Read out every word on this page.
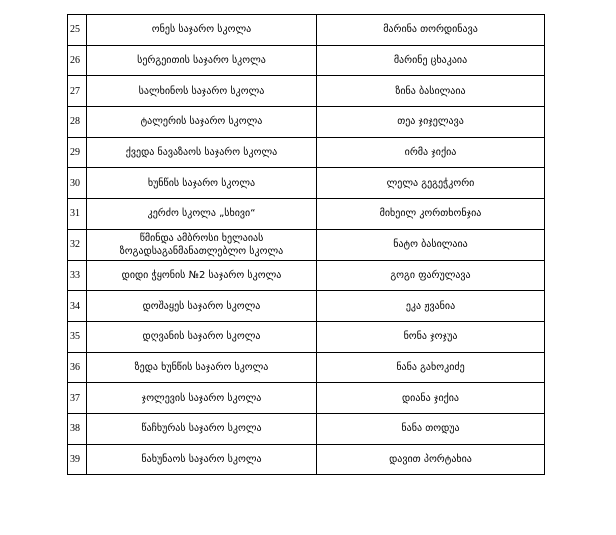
25	ონეს საჯარო სკოლა	მარინა თორდინავა
26	სერგეითის საჯარო სკოლა	მარინე ცხაკაია
27	სალხინოს საჯარო სკოლა	ზინა ბასილაია
28	ტალერის საჯარო სკოლა	თეა ჯიჯელავა
29	ქვედა ნავაზაოს საჯარო სკოლა	ირმა ჯიქია
30	ხუნწის საჯარო სკოლა	ლელა გეგეჭკორი
31	კერძო სკოლა „სხივი“	მიხეილ კორთხონჯია
32	წმინდა ამბროსი ხელაიას ზოგადსაგანმანათლებლო სკოლა	ნატო ბასილაია
33	დიდი ჭყონის №2 საჯარო სკოლა	გოგი ფარულავა
34	დოშაყეს საჯარო სკოლა	ეკა ჟვანია
35	დღვანის საჯარო სკოლა	ნონა ჯოჯუა
36	ზედა ხუნწის საჯარო სკოლა	ნანა გახოკიძე
37	ჯოლევის საჯარო სკოლა	დიანა ჯიქია
38	წაჩხურას საჯარო სკოლა	ნანა თოდუა
39	ნახუნაოს საჯარო სკოლა	დავით პორტახია
